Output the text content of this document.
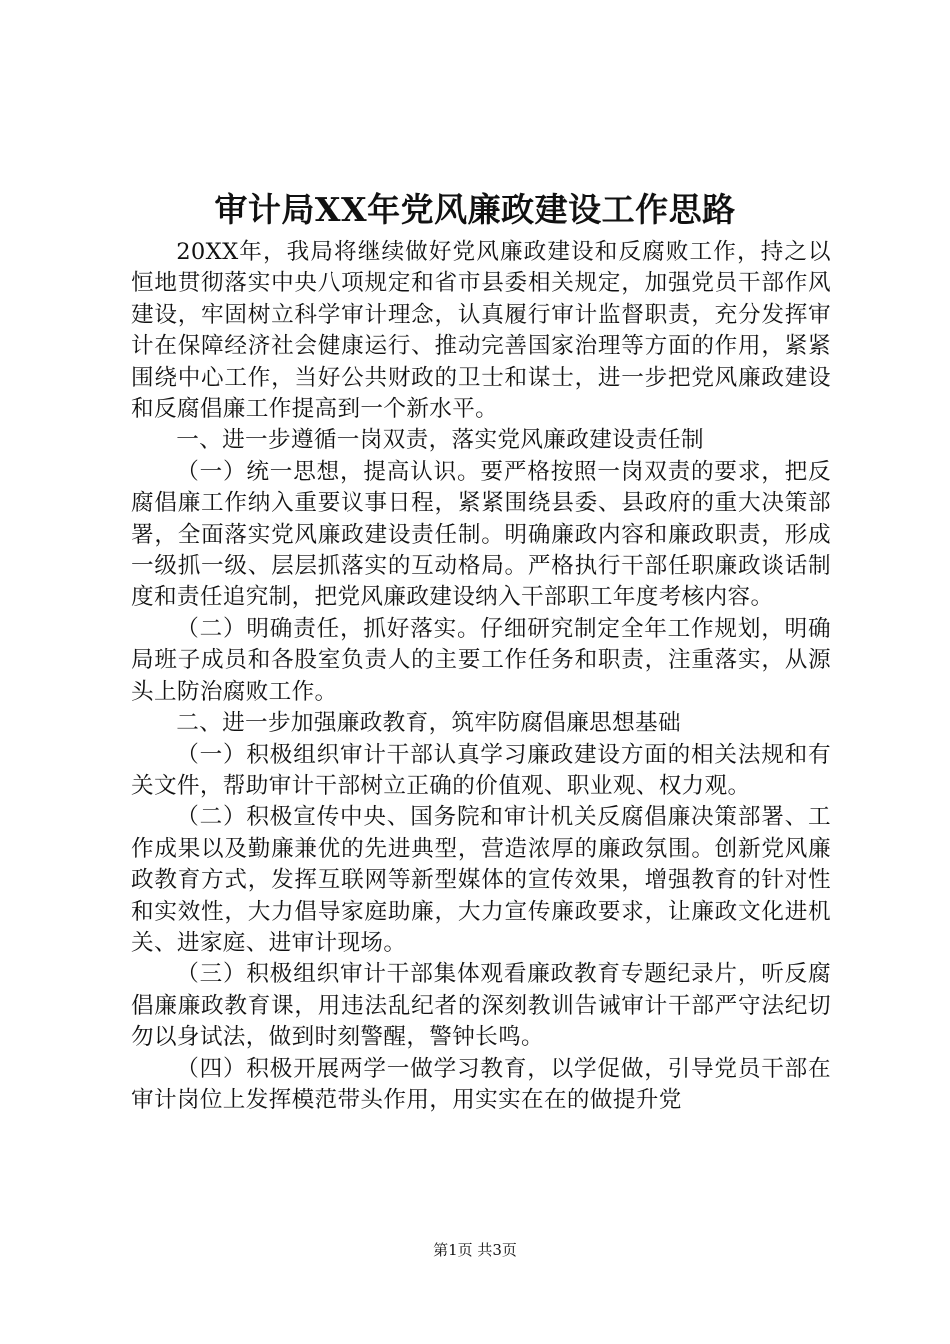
审计局XX年党风廉政建设工作思路

20XX年，我局将继续做好党风廉政建设和反腐败工作，持之以恒地贯彻落实中央八项规定和省市县委相关规定，加强党员干部作风建设，牢固树立科学审计理念，认真履行审计监督职责，充分发挥审计在保障经济社会健康运行、推动完善国家治理等方面的作用，紧紧围绕中心工作，当好公共财政的卫士和谋士，进一步把党风廉政建设和反腐倡廉工作提高到一个新水平。

一、进一步遵循一岗双责，落实党风廉政建设责任制

（一）统一思想，提高认识。要严格按照一岗双责的要求，把反腐倡廉工作纳入重要议事日程，紧紧围绕县委、县政府的重大决策部署，全面落实党风廉政建设责任制。明确廉政内容和廉政职责，形成一级抓一级、层层抓落实的互动格局。严格执行干部任职廉政谈话制度和责任追究制，把党风廉政建设纳入干部职工年度考核内容。

（二）明确责任，抓好落实。仔细研究制定全年工作规划，明确局班子成员和各股室负责人的主要工作任务和职责，注重落实，从源头上防治腐败工作。

二、进一步加强廉政教育，筑牢防腐倡廉思想基础

（一）积极组织审计干部认真学习廉政建设方面的相关法规和有关文件，帮助审计干部树立正确的价值观、职业观、权力观。

（二）积极宣传中央、国务院和审计机关反腐倡廉决策部署、工作成果以及勤廉兼优的先进典型，营造浓厚的廉政氛围。创新党风廉政教育方式，发挥互联网等新型媒体的宣传效果，增强教育的针对性和实效性，大力倡导家庭助廉，大力宣传廉政要求，让廉政文化进机关、进家庭、进审计现场。

（三）积极组织审计干部集体观看廉政教育专题纪录片，听反腐倡廉廉政教育课，用违法乱纪者的深刻教训告诫审计干部严守法纪切勿以身试法，做到时刻警醒，警钟长鸣。

（四）积极开展两学一做学习教育，以学促做，引导党员干部在审计岗位上发挥模范带头作用，用实实在在的做提升党

第1页 共3页
